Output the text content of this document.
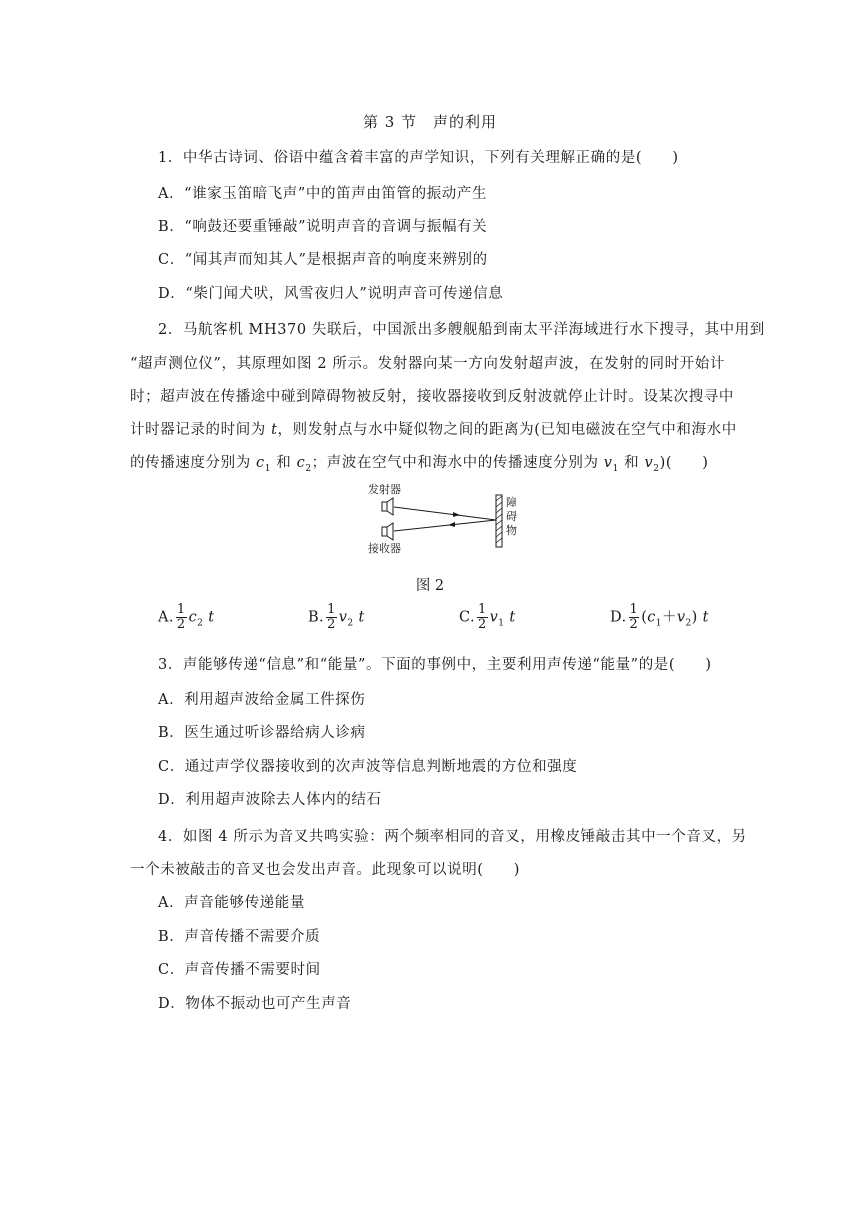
第 3 节　声的利用
1．中华古诗词、俗语中蕴含着丰富的声学知识，下列有关理解正确的是(　　)
A．“谁家玉笛暗飞声”中的笛声由笛管的振动产生
B．“响鼓还要重锤敲”说明声音的音调与振幅有关
C．“闻其声而知其人”是根据声音的响度来辨别的
D．“柴门闻犬吠，风雪夜归人”说明声音可传递信息
2．马航客机 MH370 失联后，中国派出多艘舰船到南太平洋海域进行水下搜寻，其中用到
“超声测位仪”，其原理如图 2 所示。发射器向某一方向发射超声波，在发射的同时开始计
时；超声波在传播途中碰到障碍物被反射，接收器接收到反射波就停止计时。设某次搜寻中
计时器记录的时间为 t，则发射点与水中疑似物之间的距离为(已知电磁波在空气中和海水中
的传播速度分别为 $c_1$ 和 $c_2$；声波在空气中和海水中的传播速度分别为 $v_1$ 和 $v_2$)(　　)
发射器
接收器
障
碍
物
图 2
A. $\frac{1}{2} c_2$ t	B. $\frac{1}{2} v_2$ t	C. $\frac{1}{2} v_1$ t	D. $\frac{1}{2} (c_1+v_2)$ t
3．声能够传递“信息”和“能量”。下面的事例中，主要利用声传递“能量”的是(　　)
A．利用超声波给金属工件探伤
B．医生通过听诊器给病人诊病
C．通过声学仪器接收到的次声波等信息判断地震的方位和强度
D．利用超声波除去人体内的结石
4．如图 4 所示为音叉共鸣实验：两个频率相同的音叉，用橡皮锤敲击其中一个音叉，另
一个未被敲击的音叉也会发出声音。此现象可以说明(　　)
A．声音能够传递能量
B．声音传播不需要介质
C．声音传播不需要时间
D．物体不振动也可产生声音
